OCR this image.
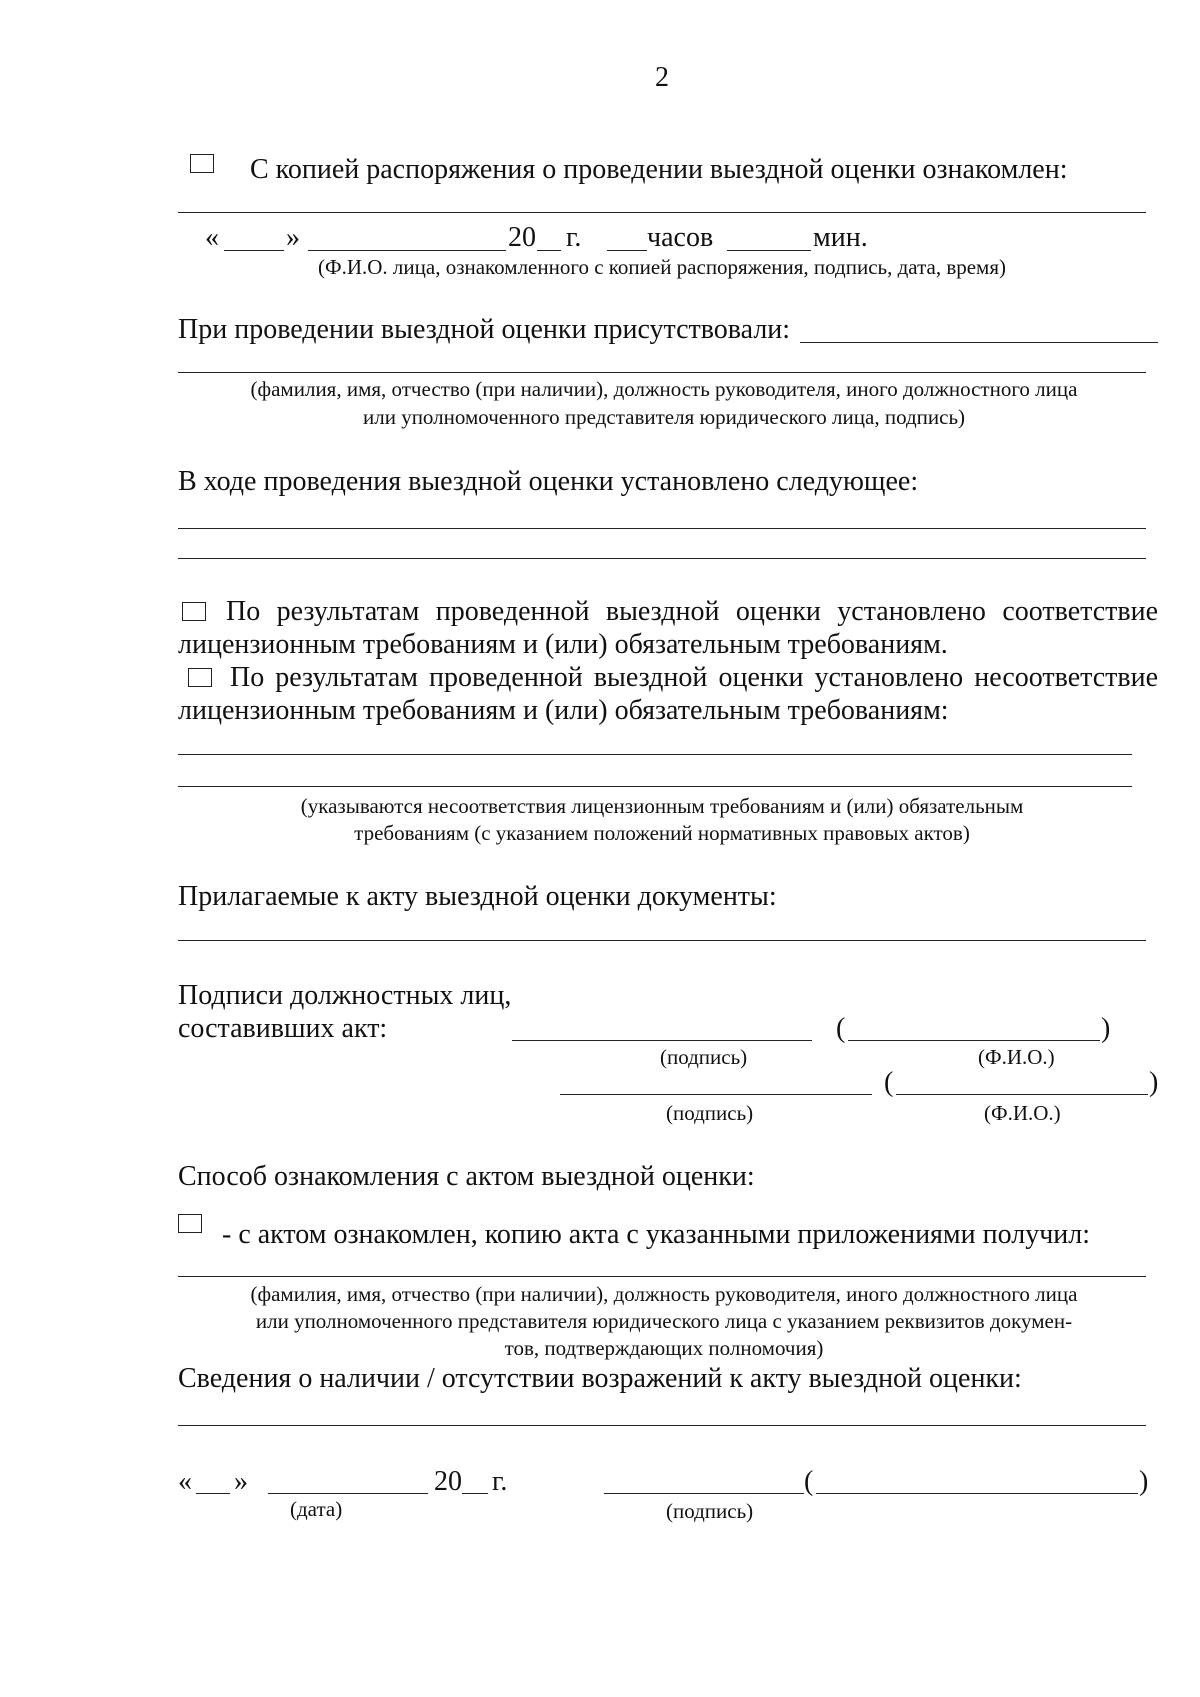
2
С копией распоряжения о проведении выездной оценки ознакомлен:
« »	20 г. часов	мин.
(Ф.И.О. лица, ознакомленного с копией распоряжения, подпись, дата, время)
При проведении выездной оценки присутствовали:
(фамилия, имя, отчество (при наличии), должность руководителя, иного должностного лица
или уполномоченного представителя юридического лица, подпись)
В ходе проведения выездной оценки установлено следующее:
По результатам проведенной выездной оценки установлено соответствие
лицензионным требованиям и (или) обязательным требованиям.
По результатам проведенной выездной оценки установлено несоответствие
лицензионным требованиям и (или) обязательным требованиям:
(указываются несоответствия лицензионным требованиям и (или) обязательным
требованиям (с указанием положений нормативных правовых актов)
Прилагаемые к акту выездной оценки документы:
Подписи должностных лиц,
составивших акт:	(	)
(подпись)	(Ф.И.О.)
(	)
(подпись)	(Ф.И.О.)
Способ ознакомления с актом выездной оценки:
- с актом ознакомлен, копию акта с указанными приложениями получил:
(фамилия, имя, отчество (при наличии), должность руководителя, иного должностного лица
или уполномоченного представителя юридического лица с указанием реквизитов докумен-
тов, подтверждающих полномочия)
Сведения о наличии / отсутствии возражений к акту выездной оценки:
« »	20 г.	(	)
(дата)	(подпись)
